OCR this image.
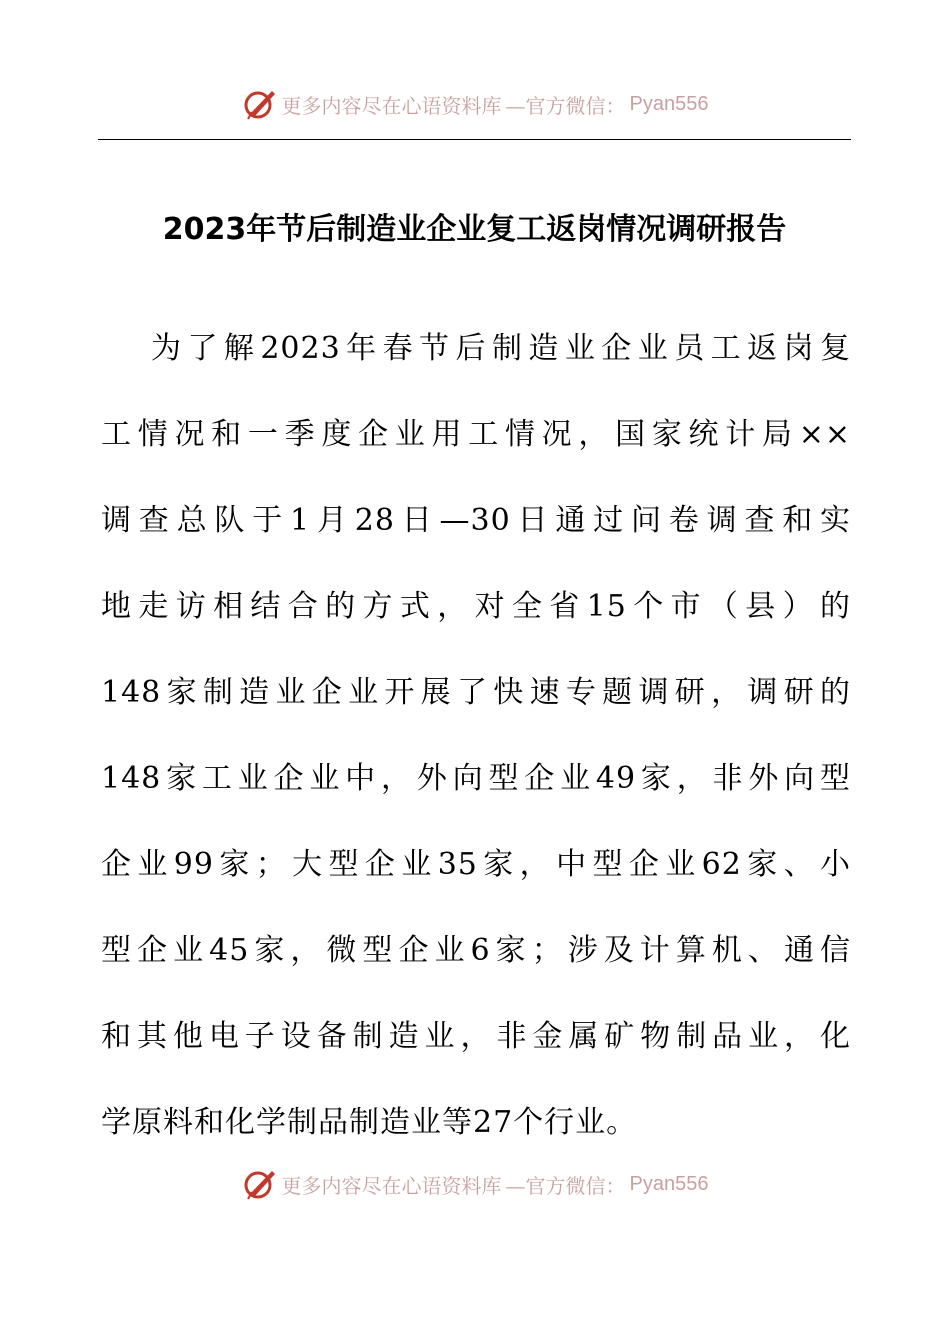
更多内容尽在心语资料库 —官方微信： Pyan556
2023年节后制造业企业复工返岗情况调研报告
为了解2023年春节后制造业企业员工返岗复
工情况和一季度企业用工情况，国家统计局××
调查总队于1月28日—30日通过问卷调查和实
地走访相结合的方式，对全省15个市（县）的
148家制造业企业开展了快速专题调研，调研的
148家工业企业中，外向型企业49家，非外向型
企业99家；大型企业35家，中型企业62家、小
型企业45家，微型企业6家；涉及计算机、通信
和其他电子设备制造业，非金属矿物制品业，化
学原料和化学制品制造业等27个行业。
更多内容尽在心语资料库 —官方微信： Pyan556
